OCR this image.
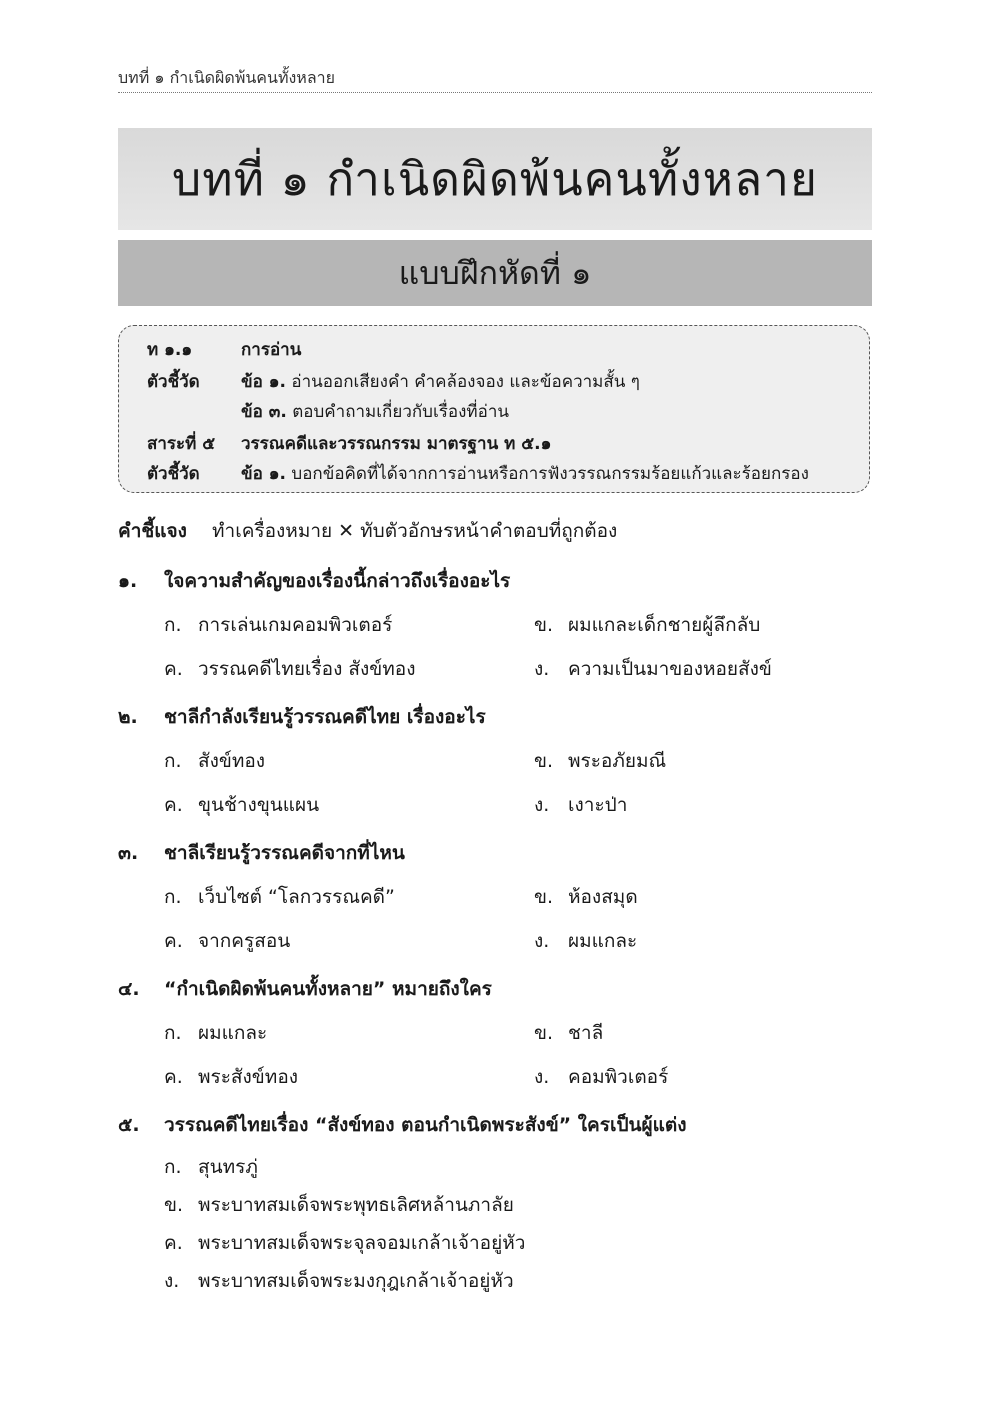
บทที่ ๑ กำเนิดผิดพ้นคนทั้งหลาย
บทที่ ๑ กำเนิดผิดพ้นคนทั้งหลาย
แบบฝึกหัดที่ ๑
ท ๑.๑	การอ่าน
ตัวชี้วัด ข้อ ๑. อ่านออกเสียงคำ คำคล้องจอง และข้อความสั้น ๆ
ข้อ ๓. ตอบคำถามเกี่ยวกับเรื่องที่อ่าน
สาระที่ ๕ วรรณคดีและวรรณกรรม มาตรฐาน ท ๕.๑
ตัวชี้วัด ข้อ ๑. บอกข้อคิดที่ได้จากการอ่านหรือการฟังวรรณกรรมร้อยแก้วและร้อยกรอง
คำชี้แจง ทำเครื่องหมาย ✕ ทับตัวอักษรหน้าคำตอบที่ถูกต้อง
๑. ใจความสำคัญของเรื่องนี้กล่าวถึงเรื่องอะไร
ก. การเล่นเกมคอมพิวเตอร์	ข. ผมแกละเด็กชายผู้ลึกลับ
ค. วรรณคดีไทยเรื่อง สังข์ทอง	ง. ความเป็นมาของหอยสังข์
๒. ชาลีกำลังเรียนรู้วรรณคดีไทย เรื่องอะไร
ก. สังข์ทอง	ข. พระอภัยมณี
ค. ขุนช้างขุนแผน	ง. เงาะป่า
๓. ชาลีเรียนรู้วรรณคดีจากที่ไหน
ก. เว็บไซต์ “โลกวรรณคดี”	ข. ห้องสมุด
ค. จากครูสอน	ง. ผมแกละ
๔. “กำเนิดผิดพ้นคนทั้งหลาย” หมายถึงใคร
ก. ผมแกละ	ข. ชาลี
ค. พระสังข์ทอง	ง. คอมพิวเตอร์
๕. วรรณคดีไทยเรื่อง “สังข์ทอง ตอนกำเนิดพระสังข์” ใครเป็นผู้แต่ง
ก. สุนทรภู่
ข. พระบาทสมเด็จพระพุทธเลิศหล้านภาลัย
ค. พระบาทสมเด็จพระจุลจอมเกล้าเจ้าอยู่หัว
ง. พระบาทสมเด็จพระมงกุฎเกล้าเจ้าอยู่หัว
